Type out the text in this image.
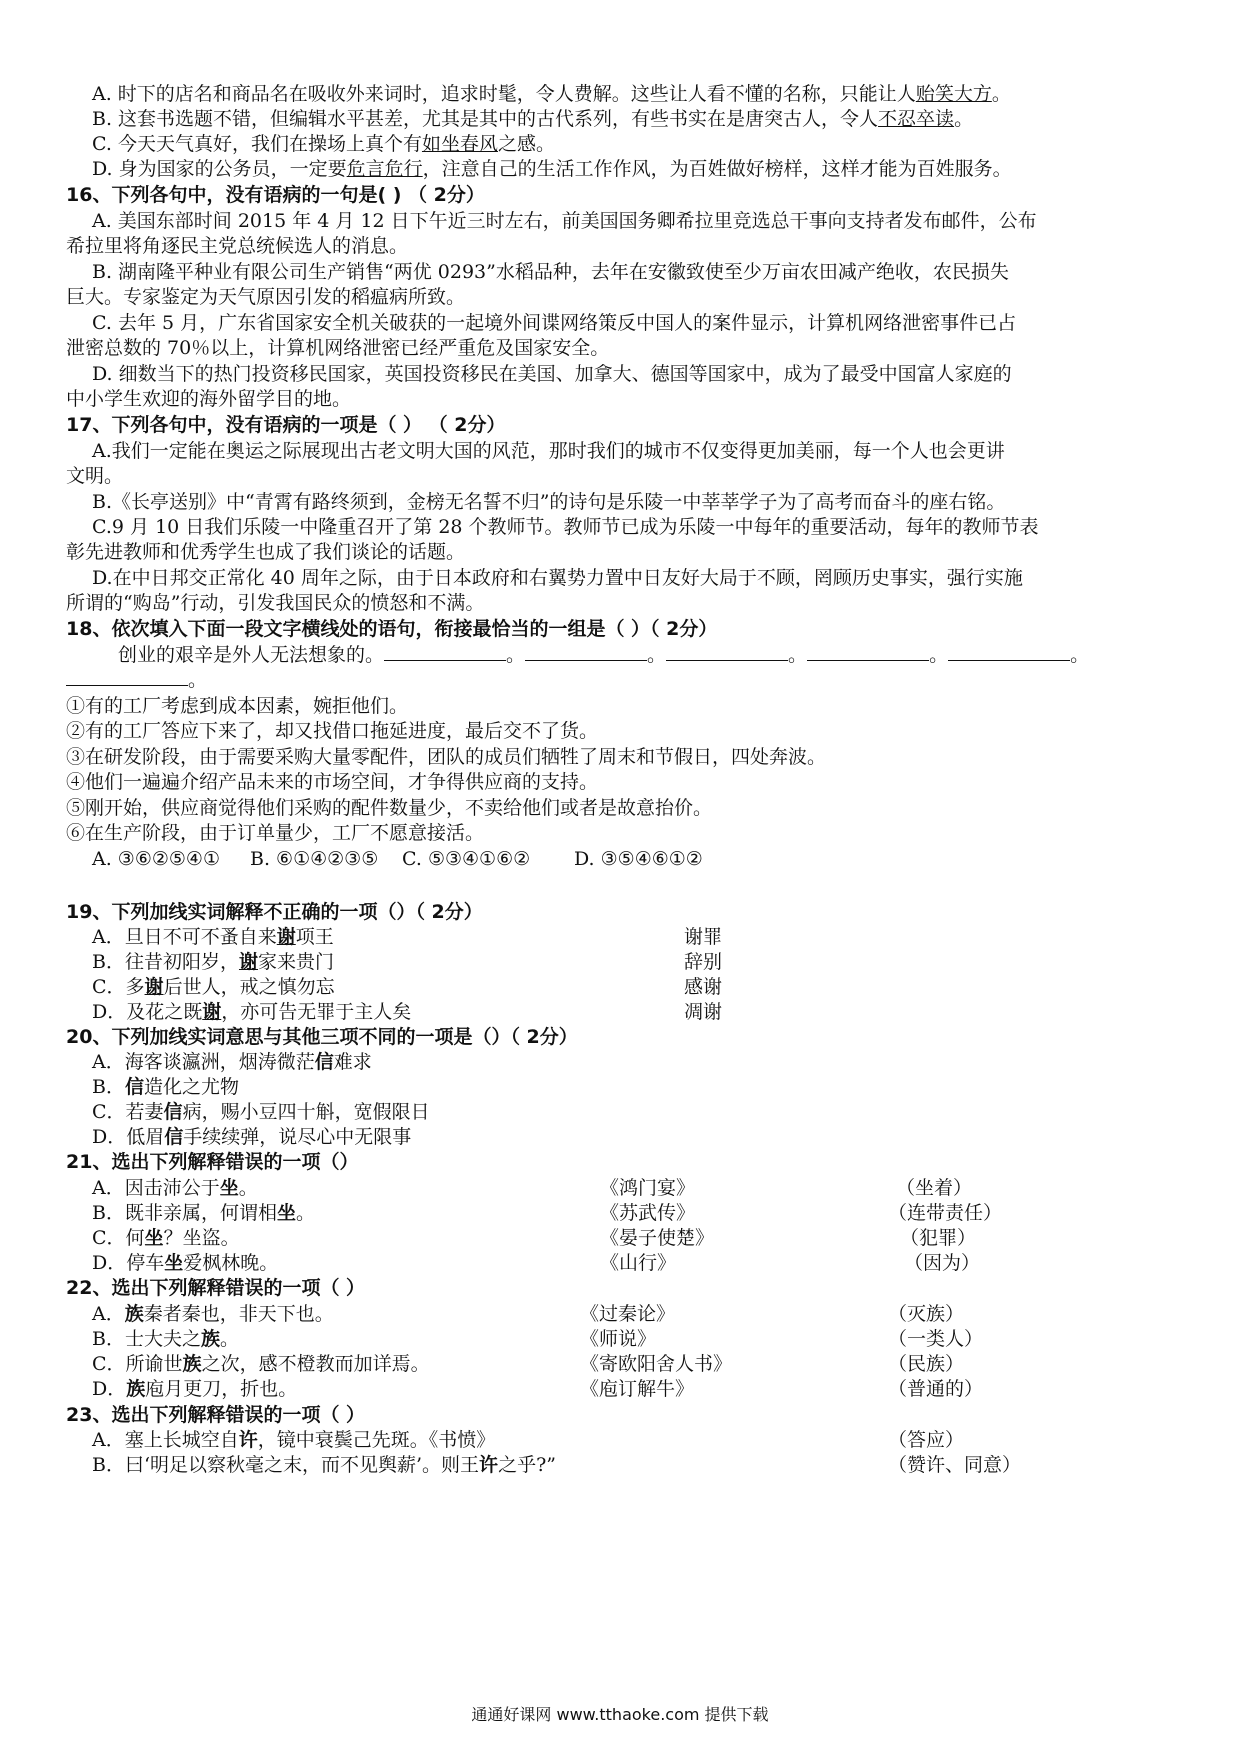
A. 时下的店名和商品名在吸收外来词时，追求时髦，令人费解。这些让人看不懂的名称，只能让人贻笑大方。
B. 这套书选题不错，但编辑水平甚差，尤其是其中的古代系列，有些书实在是唐突古人，令人不忍卒读。
C. 今天天气真好，我们在操场上真个有如坐春风之感。
D. 身为国家的公务员，一定要危言危行，注意自己的生活工作作风，为百姓做好榜样，这样才能为百姓服务。
16、下列各句中，没有语病的一句是( ) （ 2分）
A. 美国东部时间 2015 年 4 月 12 日下午近三时左右，前美国国务卿希拉里竞选总干事向支持者发布邮件，公布
希拉里将角逐民主党总统候选人的消息。
B. 湖南隆平种业有限公司生产销售“两优 0293”水稻品种，去年在安徽致使至少万亩农田减产绝收，农民损失
巨大。专家鉴定为天气原因引发的稻瘟病所致。
C. 去年 5 月，广东省国家安全机关破获的一起境外间谍网络策反中国人的案件显示，计算机网络泄密事件已占
泄密总数的 70％以上，计算机网络泄密已经严重危及国家安全。
D. 细数当下的热门投资移民国家，英国投资移民在美国、加拿大、德国等国家中，成为了最受中国富人家庭的
中小学生欢迎的海外留学目的地。
17、下列各句中，没有语病的一项是（ ） （ 2分）
A.我们一定能在奥运之际展现出古老文明大国的风范，那时我们的城市不仅变得更加美丽，每一个人也会更讲
文明。
B.《长亭送别》中“青霄有路终须到，金榜无名誓不归”的诗句是乐陵一中莘莘学子为了高考而奋斗的座右铭。
C.9 月 10 日我们乐陵一中隆重召开了第 28 个教师节。教师节已成为乐陵一中每年的重要活动，每年的教师节表
彰先进教师和优秀学生也成了我们谈论的话题。
D.在中日邦交正常化 40 周年之际，由于日本政府和右翼势力置中日友好大局于不顾，罔顾历史事实，强行实施
所谓的“购岛”行动，引发我国民众的愤怒和不满。
18、依次填入下面一段文字横线处的语句，衔接最恰当的一组是（ ）（ 2分）
创业的艰辛是外人无法想象的。	。	。	。	。	。
。
①有的工厂考虑到成本因素，婉拒他们。
②有的工厂答应下来了，却又找借口拖延进度，最后交不了货。
③在研发阶段，由于需要采购大量零配件，团队的成员们牺牲了周末和节假日，四处奔波。
④他们一遍遍介绍产品未来的市场空间，才争得供应商的支持。
⑤刚开始，供应商觉得他们采购的配件数量少，不卖给他们或者是故意抬价。
⑥在生产阶段，由于订单量少，工厂不愿意接活。
A. ③⑥②⑤④① B. ⑥①④②③⑤ C. ⑤③④①⑥② D. ③⑤④⑥①②
19、下列加线实词解释不正确的一项（）（ 2分）
A．旦日不可不蚤自来谢项王	谢罪
B．往昔初阳岁，谢家来贵门	辞别
C．多谢后世人，戒之慎勿忘	感谢
D．及花之既谢，亦可告无罪于主人矣	凋谢
20、下列加线实词意思与其他三项不同的一项是（）（ 2分）
A．海客谈瀛洲，烟涛微茫信难求
B．信造化之尤物
C．若妻信病，赐小豆四十斛，宽假限日
D．低眉信手续续弹，说尽心中无限事
21、选出下列解释错误的一项（）
A．因击沛公于坐。	《鸿门宴》	（坐着）
B．既非亲属，何谓相坐。	《苏武传》	（连带责任）
C．何坐？坐盗。	《晏子使楚》	（犯罪）
D．停车坐爱枫林晚。	《山行》	（因为）
22、选出下列解释错误的一项（ ）
A．族秦者秦也，非天下也。	《过秦论》	（灭族）
B．士大夫之族。	《师说》	（一类人）
C．所谕世族之次，感不橙教而加详焉。	《寄欧阳舍人书》	（民族）
D．族庖月更刀，折也。	《庖订解牛》	（普通的）
23、选出下列解释错误的一项（ ）
A．塞上长城空自许，镜中衰鬓己先斑。《书愤》	（答应）
B．曰‘明足以察秋毫之末，而不见舆薪’。则王许之乎?”	（赞许、同意）
通通好课网 www.tthaoke.com 提供下载
